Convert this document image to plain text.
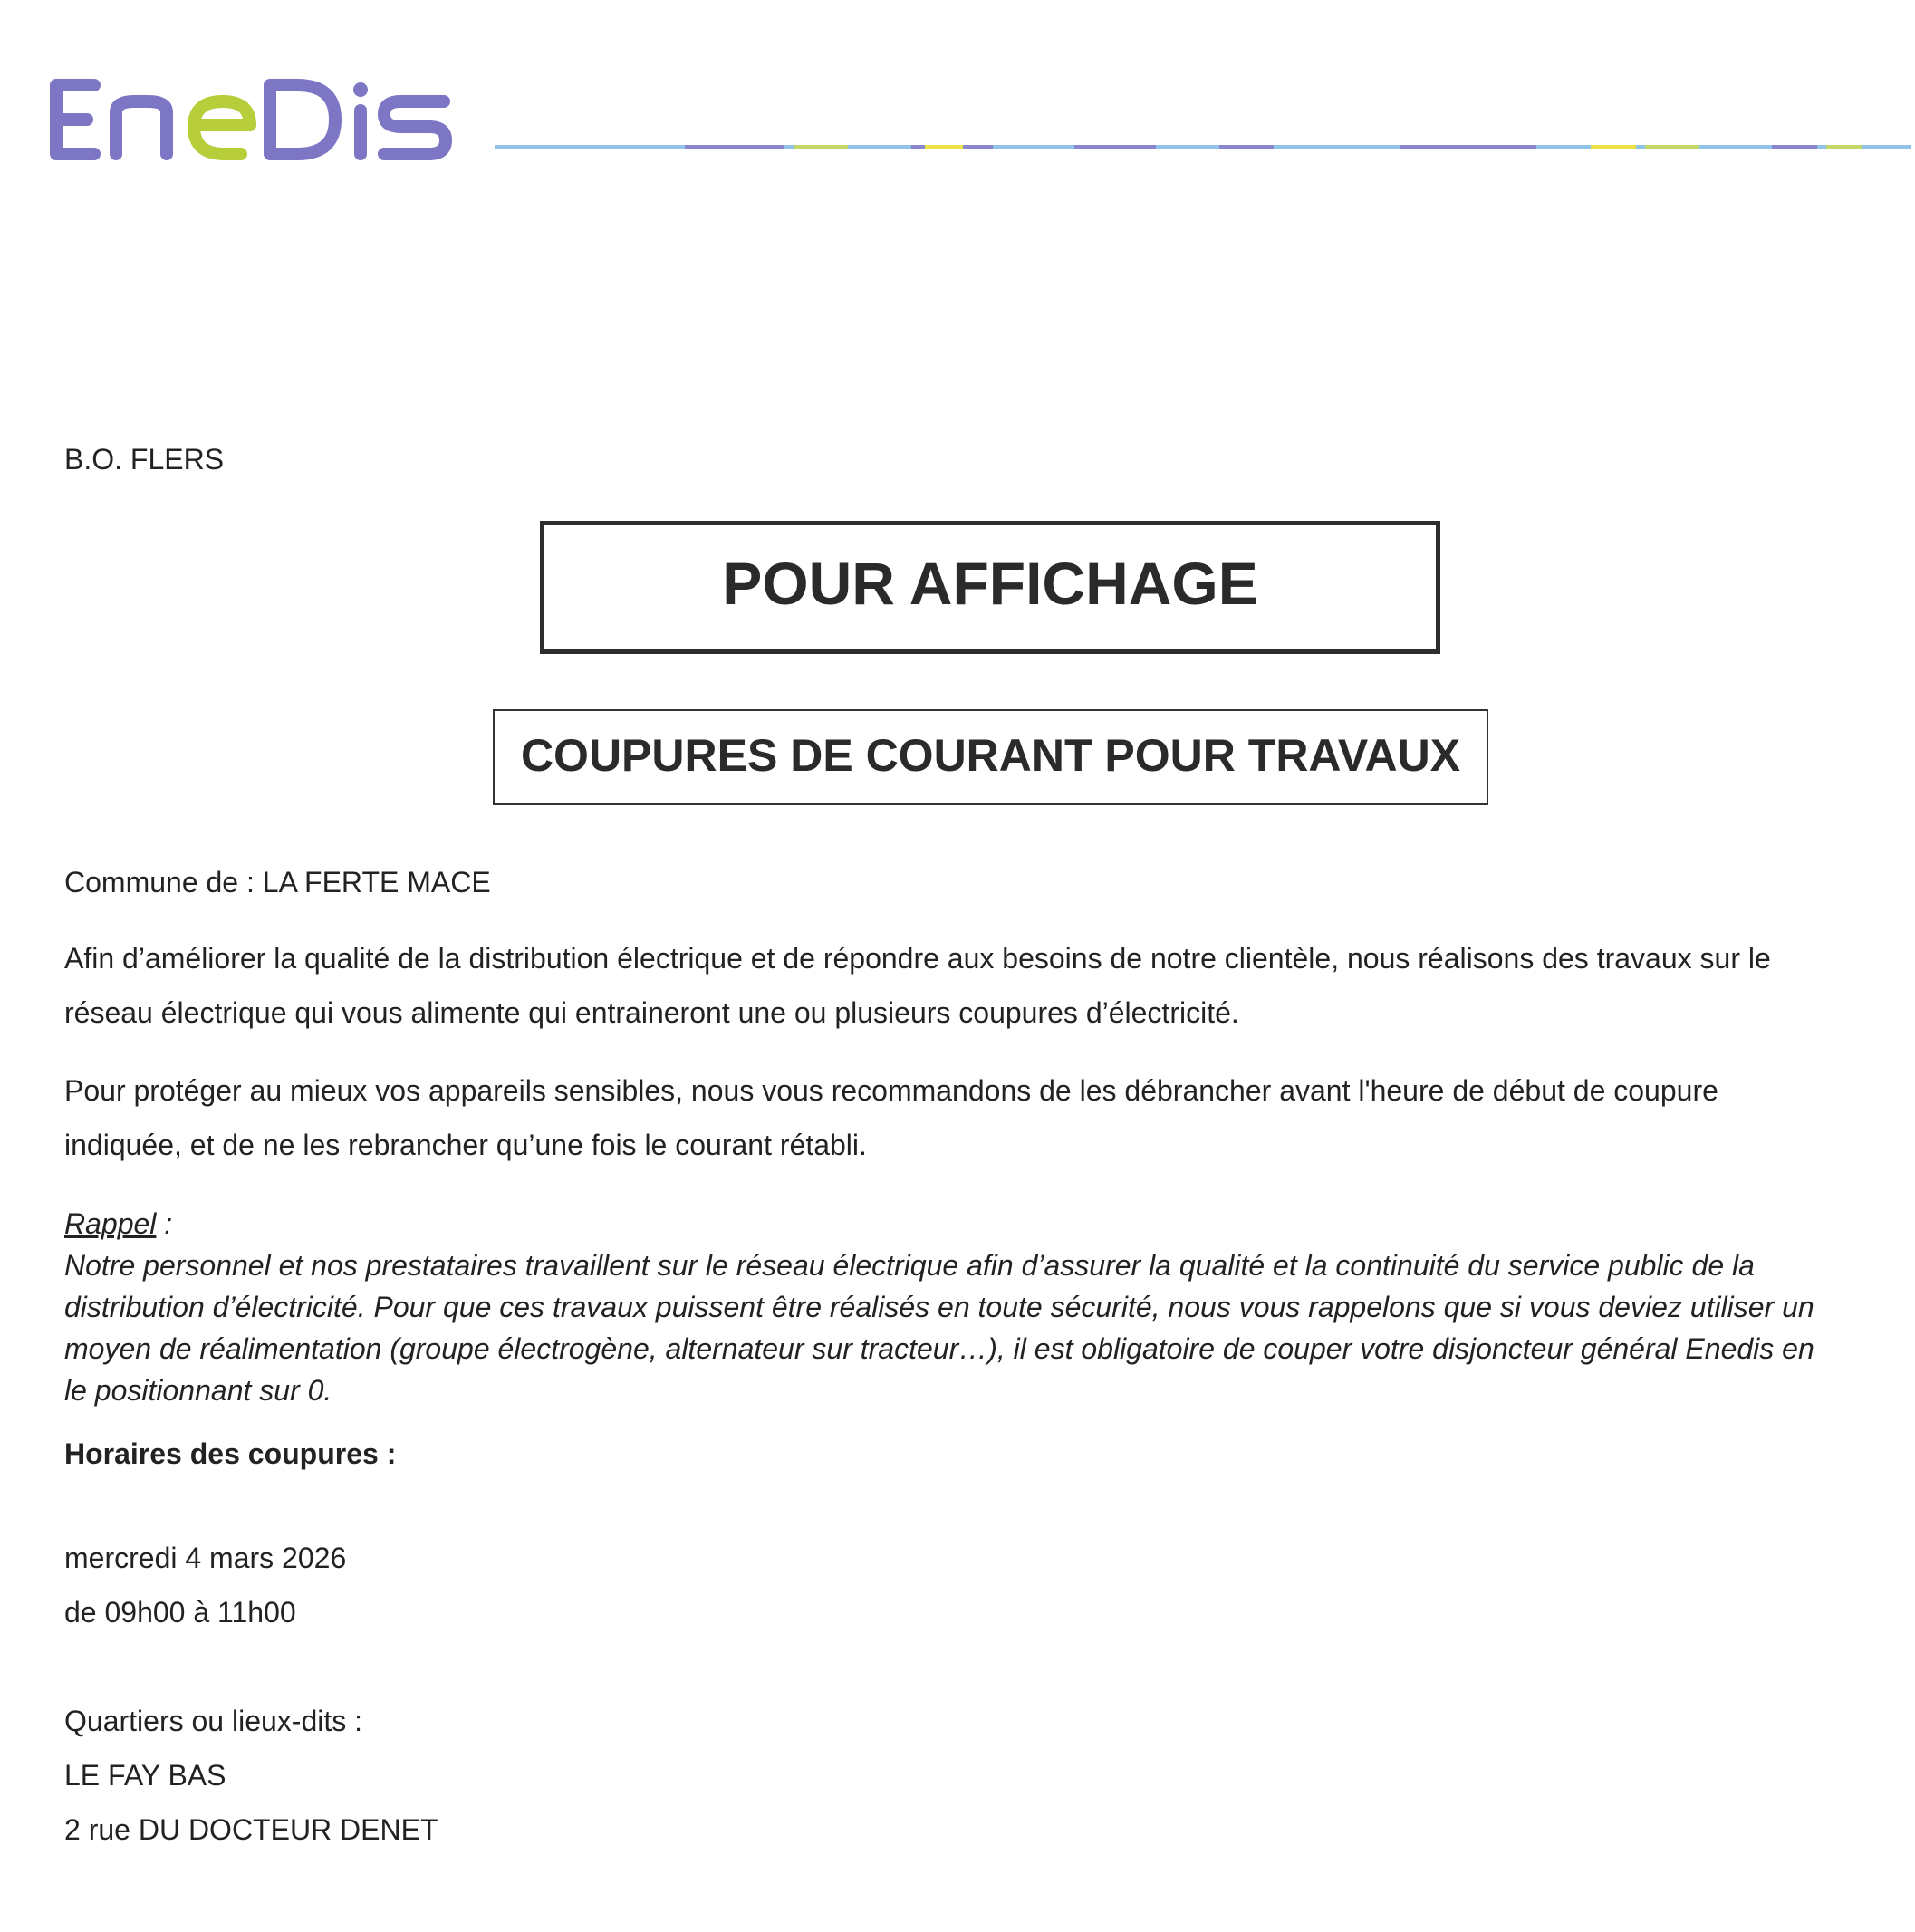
B.O. FLERS
POUR AFFICHAGE
COUPURES DE COURANT POUR TRAVAUX
Commune de : LA FERTE MACE
Afin d’améliorer la qualité de la distribution électrique et de répondre aux besoins de notre clientèle, nous réalisons des travaux sur le réseau électrique qui vous alimente qui entraineront une ou plusieurs coupures d’électricité.
Pour protéger au mieux vos appareils sensibles, nous vous recommandons de les débrancher avant l'heure de début de coupure indiquée, et de ne les rebrancher qu’une fois le courant rétabli.
Rappel :
Notre personnel et nos prestataires travaillent sur le réseau électrique afin d’assurer la qualité et la continuité du service public de la distribution d’électricité. Pour que ces travaux puissent être réalisés en toute sécurité, nous vous rappelons que si vous deviez utiliser un moyen de réalimentation (groupe électrogène, alternateur sur tracteur…), il est obligatoire de couper votre disjoncteur général Enedis en le positionnant sur 0.
Horaires des coupures :
mercredi 4 mars 2026
de 09h00 à 11h00
Quartiers ou lieux-dits :
LE FAY BAS
2 rue DU DOCTEUR DENET
